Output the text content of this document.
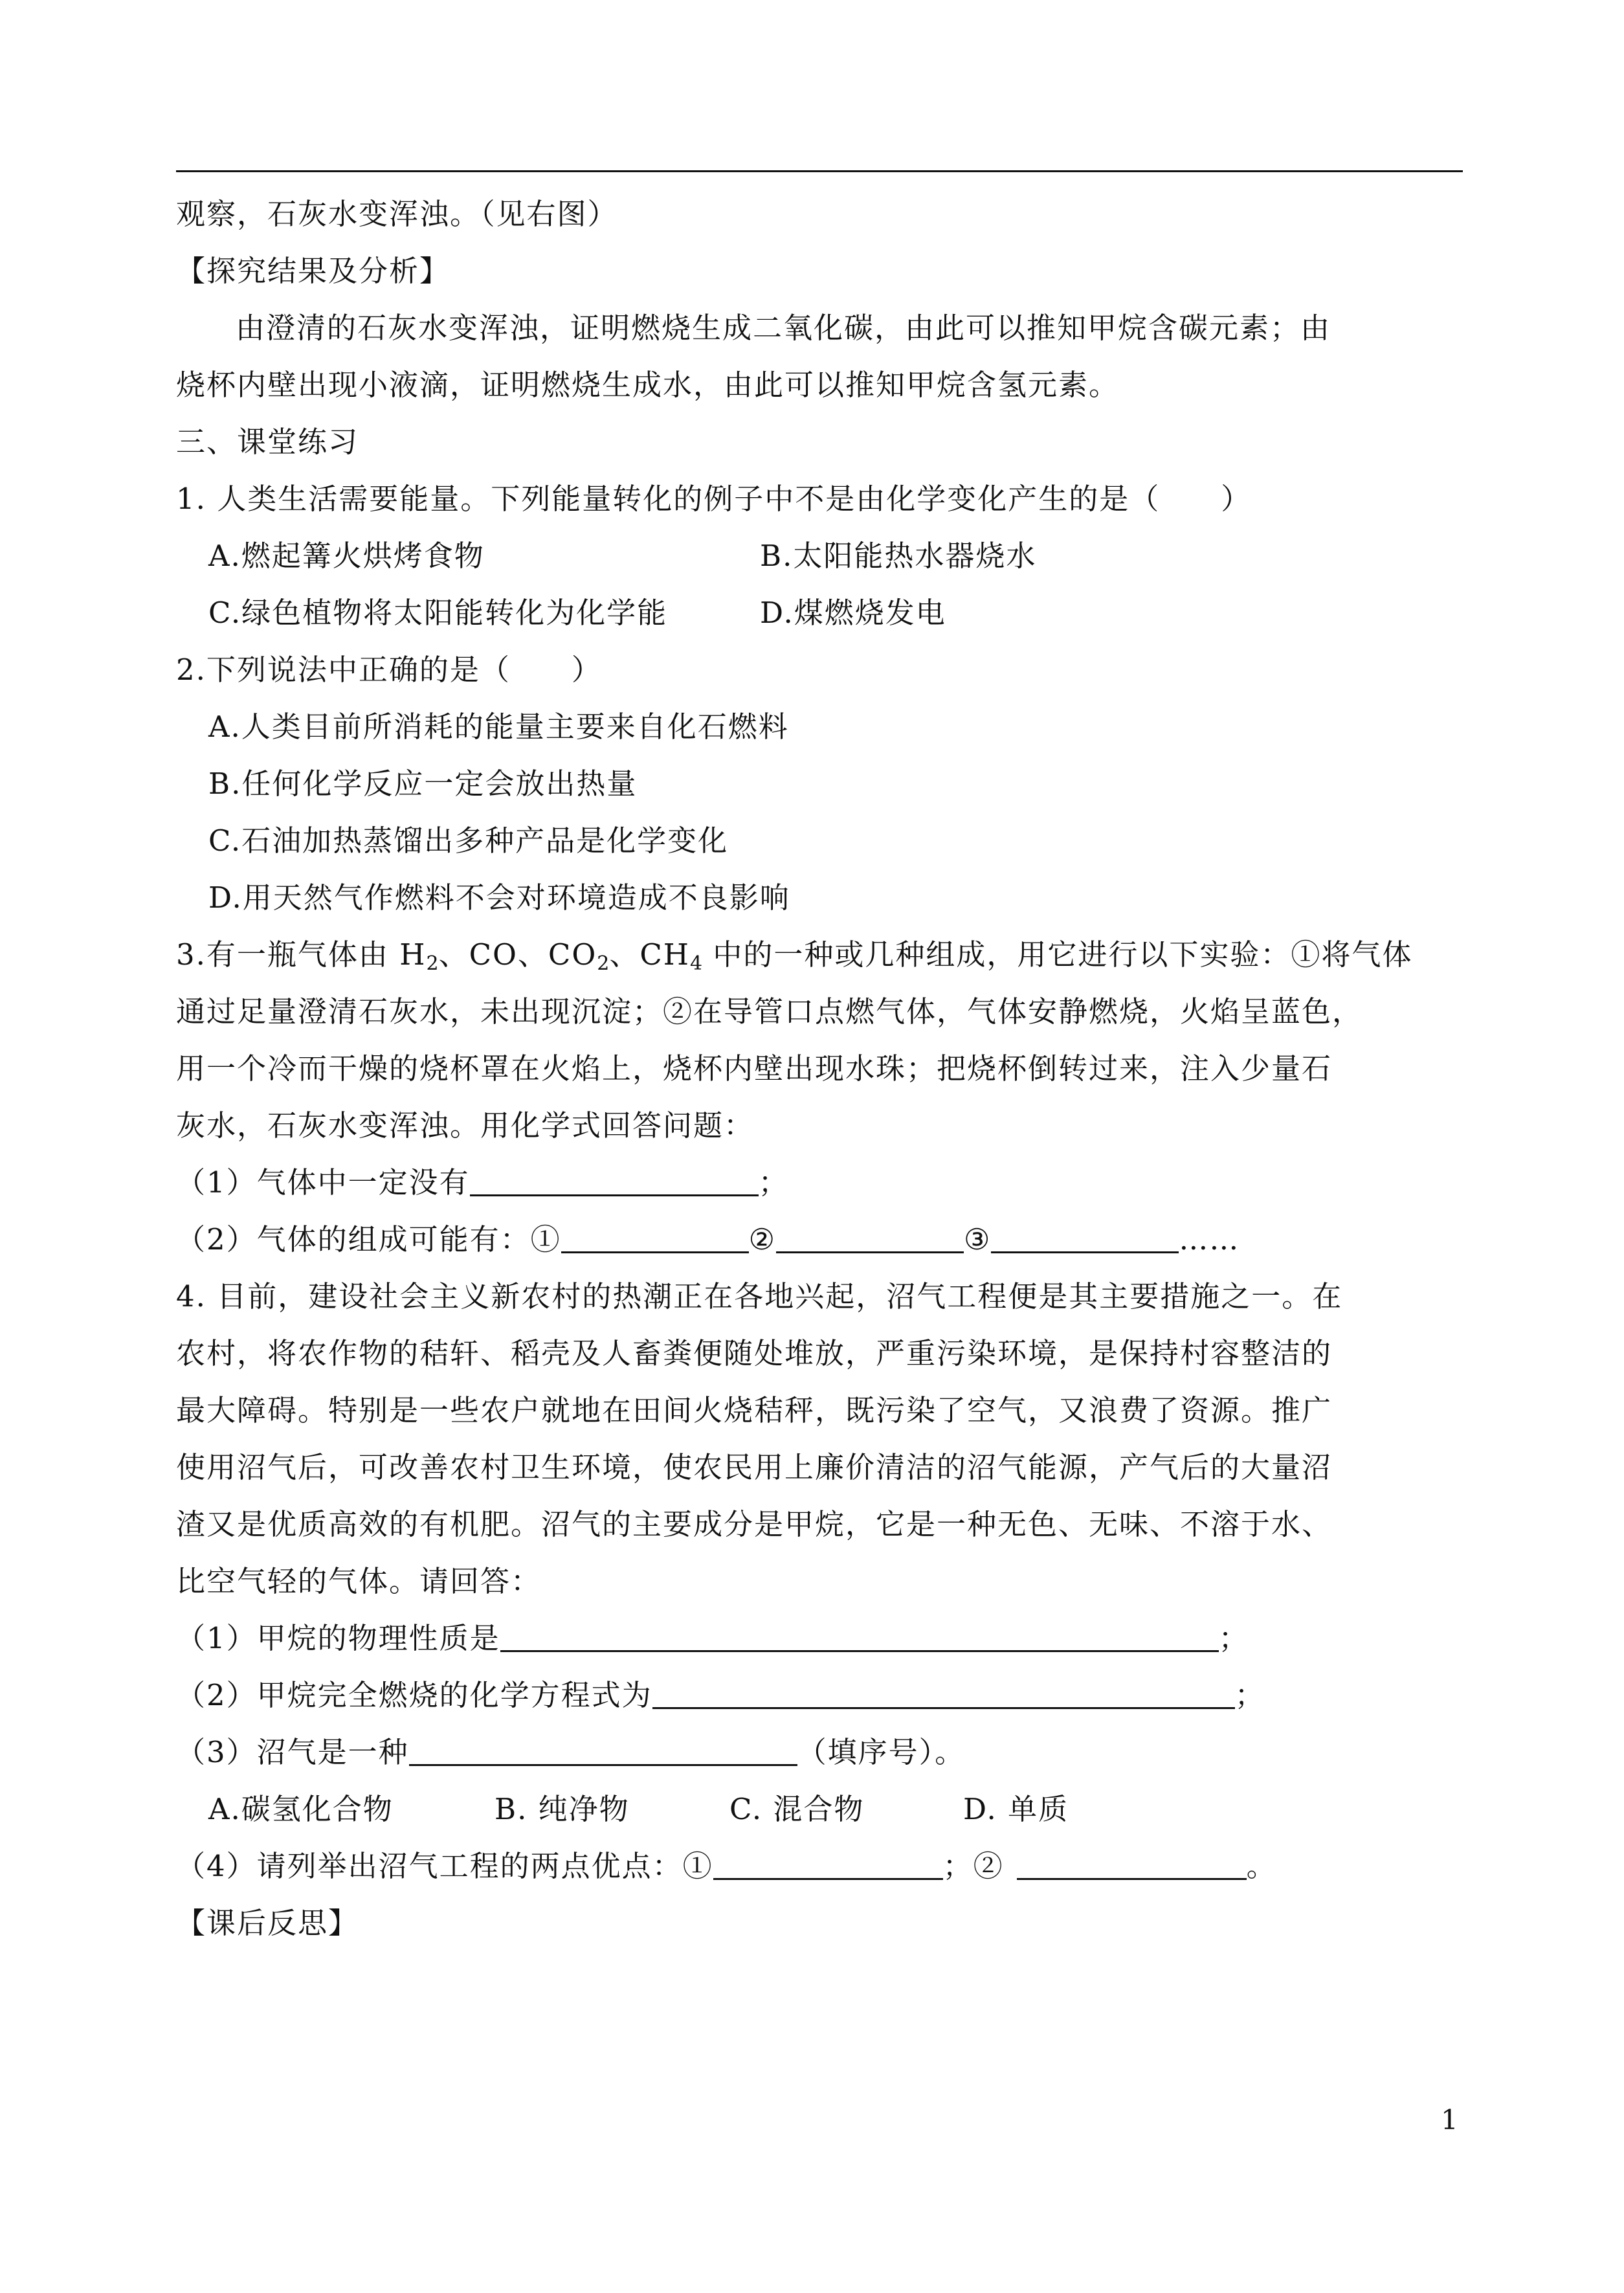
观察，石灰水变浑浊。（见右图）
【探究结果及分析】
由澄清的石灰水变浑浊，证明燃烧生成二氧化碳，由此可以推知甲烷含碳元素；由
烧杯内壁出现小液滴，证明燃烧生成水，由此可以推知甲烷含氢元素。
三、课堂练习
1. 人类生活需要能量。下列能量转化的例子中不是由化学变化产生的是（　　）
A.燃起篝火烘烤食物	B.太阳能热水器烧水
C.绿色植物将太阳能转化为化学能	D.煤燃烧发电
2.下列说法中正确的是（　　）
A.人类目前所消耗的能量主要来自化石燃料
B.任何化学反应一定会放出热量
C.石油加热蒸馏出多种产品是化学变化
D.用天然气作燃料不会对环境造成不良影响
3.有一瓶气体由 $H_2$、CO、$CO_2$、$CH_4$ 中的一种或几种组成，用它进行以下实验：①将气体
通过足量澄清石灰水，未出现沉淀；②在导管口点燃气体，气体安静燃烧，火焰呈蓝色，
用一个冷而干燥的烧杯罩在火焰上，烧杯内壁出现水珠；把烧杯倒转过来，注入少量石
灰水，石灰水变浑浊。用化学式回答问题：
（1）气体中一定没有	；
（2）气体的组成可能有：①	②	③	……
4. 目前，建设社会主义新农村的热潮正在各地兴起，沼气工程便是其主要措施之一。在
农村，将农作物的秸轩、稻壳及人畜粪便随处堆放，严重污染环境，是保持村容整洁的
最大障碍。特别是一些农户就地在田间火烧秸秤，既污染了空气，又浪费了资源。推广
使用沼气后，可改善农村卫生环境，使农民用上廉价清洁的沼气能源，产气后的大量沼
渣又是优质高效的有机肥。沼气的主要成分是甲烷，它是一种无色、无味、不溶于水、
比空气轻的气体。请回答：
（1）甲烷的物理性质是	；
（2）甲烷完全燃烧的化学方程式为	；
（3）沼气是一种	（填序号）。
A.碳氢化合物	B. 纯净物	C. 混合物	D. 单质
（4）请列举出沼气工程的两点优点：①	；②	。
【课后反思】
1
